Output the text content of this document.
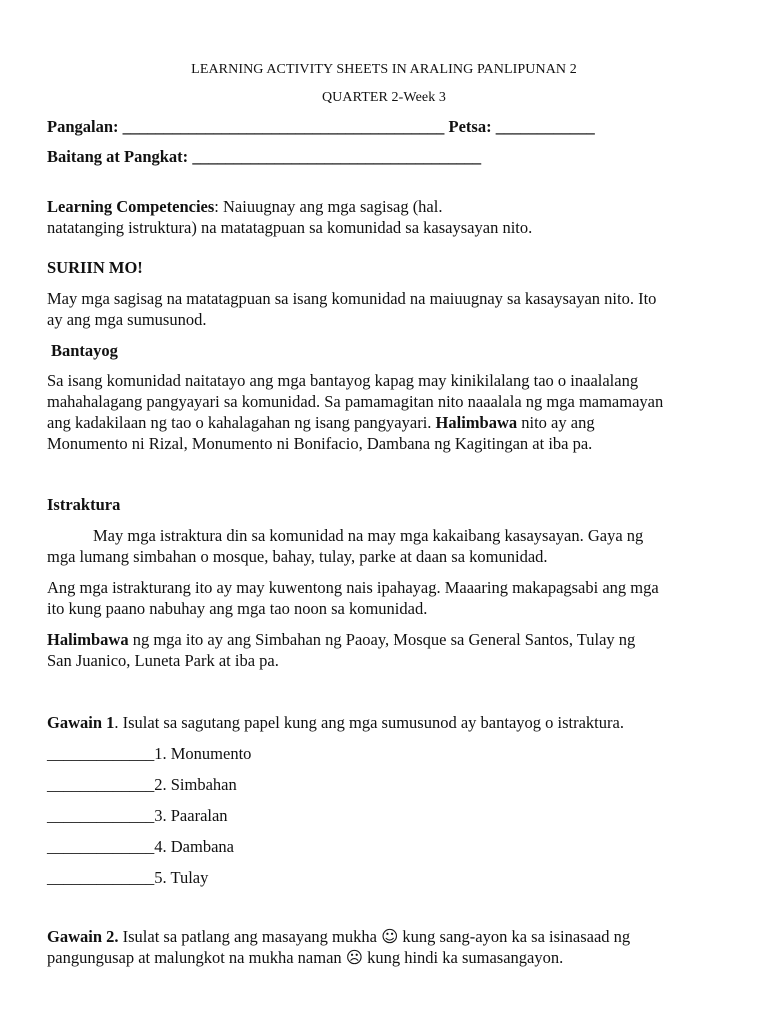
LEARNING ACTIVITY SHEETS IN ARALING PANLIPUNAN 2
QUARTER 2-Week 3
Pangalan: _______________________________________ Petsa: ____________
Baitang at Pangkat: ___________________________________
Learning Competencies: Naiuugnay ang mga sagisag (hal.
natatanging istruktura) na matatagpuan sa komunidad sa kasaysayan nito.
SURIIN MO!
May mga sagisag na matatagpuan sa isang komunidad na maiuugnay sa kasaysayan nito. Ito
ay ang mga sumusunod.
Bantayog
Sa isang komunidad naitatayo ang mga bantayog kapag may kinikilalang tao o inaalalang
mahahalagang pangyayari sa komunidad. Sa pamamagitan nito naaalala ng mga mamamayan
ang kadakilaan ng tao o kahalagahan ng isang pangyayari. Halimbawa nito ay ang
Monumento ni Rizal, Monumento ni Bonifacio, Dambana ng Kagitingan at iba pa.
Istraktura
May mga istraktura din sa komunidad na may mga kakaibang kasaysayan. Gaya ng
mga lumang simbahan o mosque, bahay, tulay, parke at daan sa komunidad.
Ang mga istrakturang ito ay may kuwentong nais ipahayag. Maaaring makapagsabi ang mga
ito kung paano nabuhay ang mga tao noon sa komunidad.
Halimbawa ng mga ito ay ang Simbahan ng Paoay, Mosque sa General Santos, Tulay ng
San Juanico, Luneta Park at iba pa.
Gawain 1. Isulat sa sagutang papel kung ang mga sumusunod ay bantayog o istraktura.
_____________1. Monumento
_____________2. Simbahan
_____________3. Paaralan
_____________4. Dambana
_____________5. Tulay
Gawain 2. Isulat sa patlang ang masayang mukha ☺ kung sang-ayon ka sa isinasaad ng
pangungusap at malungkot na mukha naman ☹ kung hindi ka sumasangayon.
